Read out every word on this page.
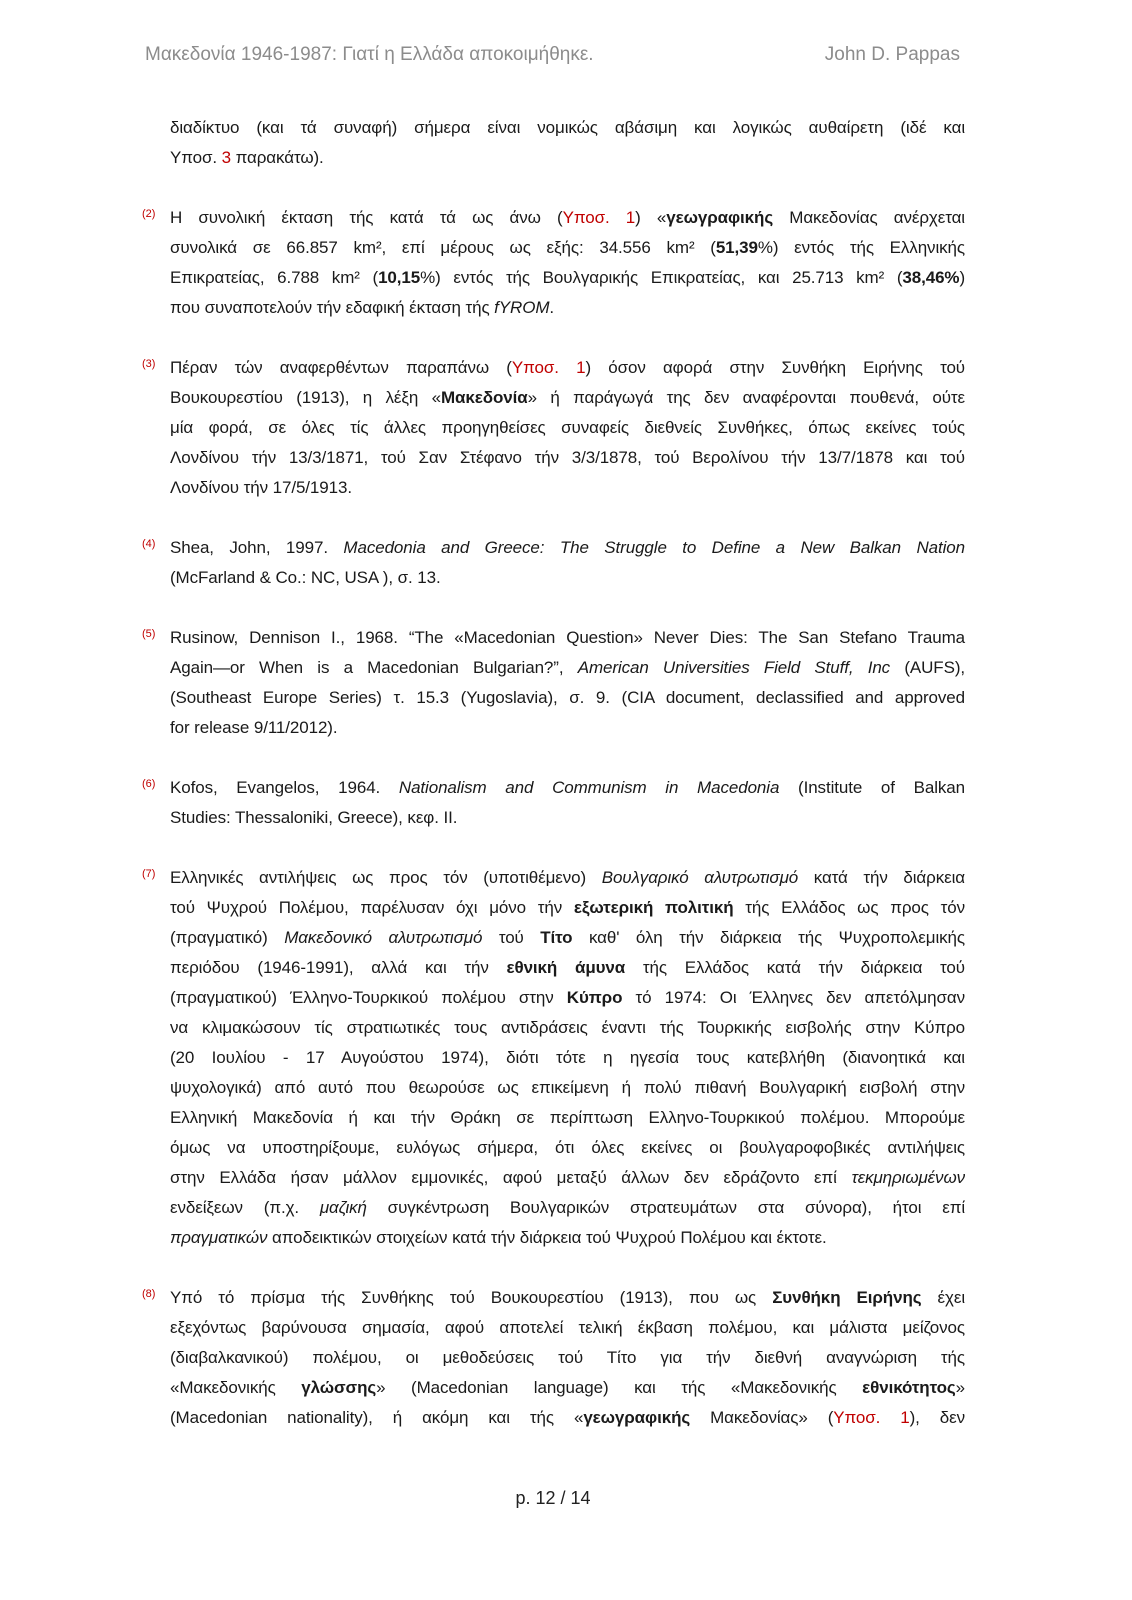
Μακεδονία 1946-1987: Γιατί η Ελλάδα αποκοιμήθηκε.	John D. Pappas
διαδίκτυο (και τά συναφή) σήμερα είναι νομικώς αβάσιμη και λογικώς αυθαίρετη (ιδέ και
Υποσ. 3 παρακάτω).
(2) Η συνολική έκταση τής κατά τά ως άνω (Υποσ. 1) «γεωγραφικής Μακεδονίας ανέρχεται
συνολικά σε 66.857 km², επί μέρους ως εξής: 34.556 km² (51,39%) εντός τής Ελληνικής
Επικρατείας, 6.788 km² (10,15%) εντός τής Βουλγαρικής Επικρατείας, και 25.713 km² (38,46%)
που συναποτελούν τήν εδαφική έκταση τής fYROM.
(3) Πέραν τών αναφερθέντων παραπάνω (Υποσ. 1) όσον αφορά στην Συνθήκη Ειρήνης τού
Βουκουρεστίου (1913), η λέξη «Μακεδονία» ή παράγωγά της δεν αναφέρονται πουθενά, ούτε
μία φορά, σε όλες τίς άλλες προηγηθείσες συναφείς διεθνείς Συνθήκες, όπως εκείνες τούς
Λονδίνου τήν 13/3/1871, τού Σαν Στέφανο τήν 3/3/1878, τού Βερολίνου τήν 13/7/1878 και τού
Λονδίνου τήν 17/5/1913.
(4) Shea, John, 1997. Macedonia and Greece: The Struggle to Define a New Balkan Nation
(McFarland & Co.: NC, USA ), σ. 13.
(5) Rusinow, Dennison I., 1968. “The «Macedonian Question» Never Dies: The San Stefano Trauma
Again—or When is a Macedonian Bulgarian?”, American Universities Field Stuff, Inc (AUFS),
(Southeast Europe Series) τ. 15.3 (Yugoslavia), σ. 9. (CIA document, declassified and approved
for release 9/11/2012).
(6) Kofos, Evangelos, 1964. Nationalism and Communism in Macedonia (Institute of Balkan
Studies: Thessaloniki, Greece), κεφ. II.
(7) Ελληνικές αντιλήψεις ως προς τόν (υποτιθέμενο) Βουλγαρικό αλυτρωτισμό κατά τήν διάρκεια
τού Ψυχρού Πολέμου, παρέλυσαν όχι μόνο τήν εξωτερική πολιτική τής Ελλάδος ως προς τόν
(πραγματικό) Μακεδονικό αλυτρωτισμό τού Τίτο καθ' όλη τήν διάρκεια τής Ψυχροπολεμικής
περιόδου (1946-1991), αλλά και τήν εθνική άμυνα τής Ελλάδος κατά τήν διάρκεια τού
(πραγματικού) Έλληνο-Τουρκικού πολέμου στην Κύπρο τό 1974: Οι Έλληνες δεν απετόλμησαν
να κλιμακώσουν τίς στρατιωτικές τους αντιδράσεις έναντι τής Τουρκικής εισβολής στην Κύπρο
(20 Ιουλίου - 17 Αυγούστου 1974), διότι τότε η ηγεσία τους κατεβλήθη (διανοητικά και
ψυχολογικά) από αυτό που θεωρούσε ως επικείμενη ή πολύ πιθανή Βουλγαρική εισβολή στην
Ελληνική Μακεδονία ή και τήν Θράκη σε περίπτωση Ελληνο-Τουρκικού πολέμου. Μπορούμε
όμως να υποστηρίξουμε, ευλόγως σήμερα, ότι όλες εκείνες οι βουλγαροφοβικές αντιλήψεις
στην Ελλάδα ήσαν μάλλον εμμονικές, αφού μεταξύ άλλων δεν εδράζοντο επί τεκμηριωμένων
ενδείξεων (π.χ. μαζική συγκέντρωση Βουλγαρικών στρατευμάτων στα σύνορα), ήτοι επί
πραγματικών αποδεικτικών στοιχείων κατά τήν διάρκεια τού Ψυχρού Πολέμου και έκτοτε.
(8) Υπό τό πρίσμα τής Συνθήκης τού Βουκουρεστίου (1913), που ως Συνθήκη Ειρήνης έχει
εξεχόντως βαρύνουσα σημασία, αφού αποτελεί τελική έκβαση πολέμου, και μάλιστα μείζονος
(διαβαλκανικού) πολέμου, οι μεθοδεύσεις τού Τίτο για τήν διεθνή αναγνώριση τής
«Μακεδονικής γλώσσης» (Macedonian language) και τής «Μακεδονικής εθνικότητος»
(Macedonian nationality), ή ακόμη και τής «γεωγραφικής Μακεδονίας» (Υποσ. 1), δεν
p. 12 / 14
